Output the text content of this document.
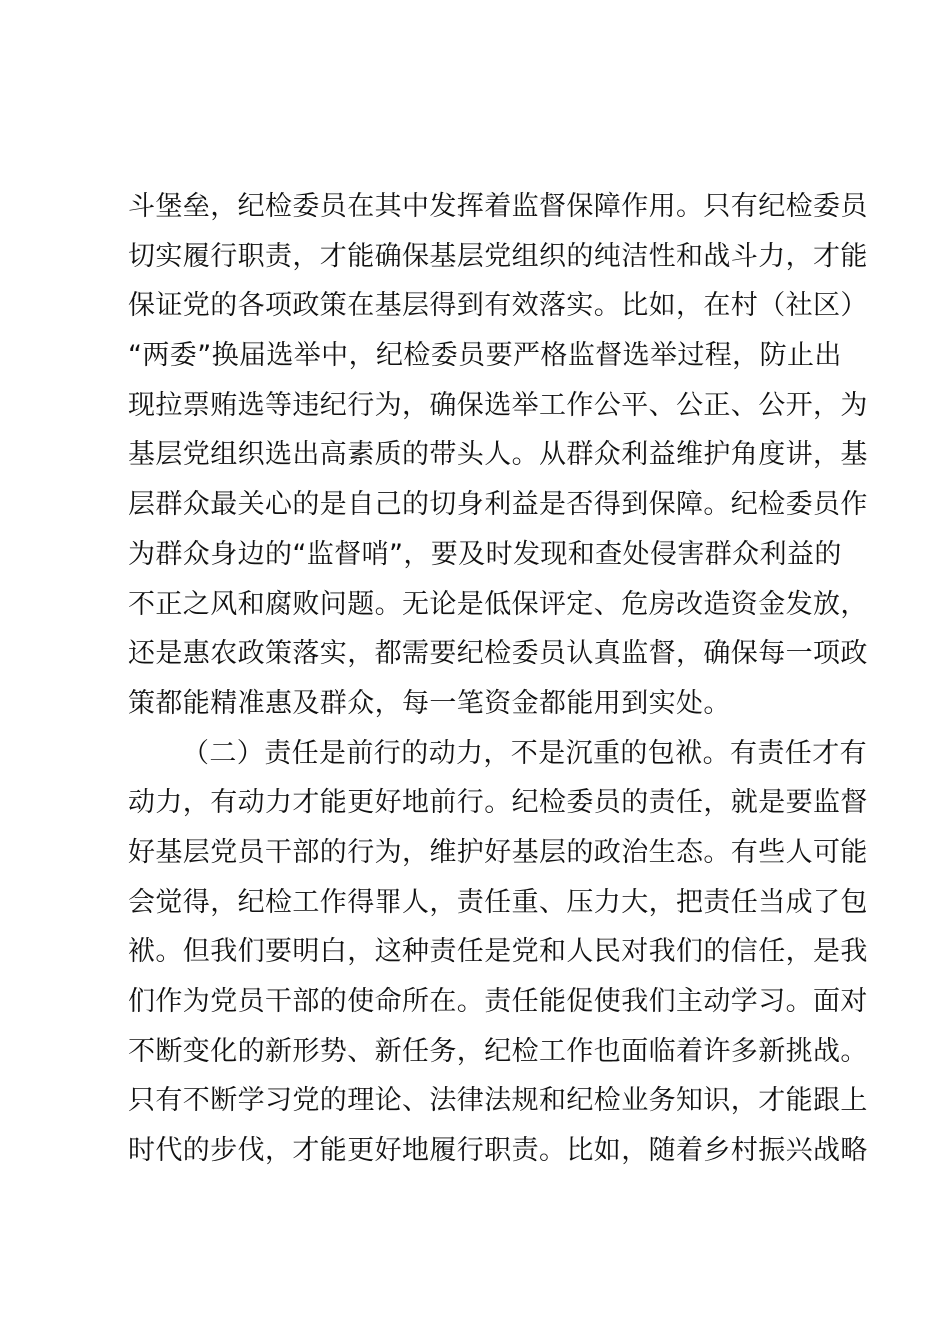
斗堡垒，纪检委员在其中发挥着监督保障作用。只有纪检委员
切实履行职责，才能确保基层党组织的纯洁性和战斗力，才能
保证党的各项政策在基层得到有效落实。比如，在村（社区）
“两委”换届选举中，纪检委员要严格监督选举过程，防止出
现拉票贿选等违纪行为，确保选举工作公平、公正、公开，为
基层党组织选出高素质的带头人。从群众利益维护角度讲，基
层群众最关心的是自己的切身利益是否得到保障。纪检委员作
为群众身边的“监督哨”，要及时发现和查处侵害群众利益的
不正之风和腐败问题。无论是低保评定、危房改造资金发放，
还是惠农政策落实，都需要纪检委员认真监督，确保每一项政
策都能精准惠及群众，每一笔资金都能用到实处。
（二）责任是前行的动力，不是沉重的包袱。有责任才有
动力，有动力才能更好地前行。纪检委员的责任，就是要监督
好基层党员干部的行为，维护好基层的政治生态。有些人可能
会觉得，纪检工作得罪人，责任重、压力大，把责任当成了包
袱。但我们要明白，这种责任是党和人民对我们的信任，是我
们作为党员干部的使命所在。责任能促使我们主动学习。面对
不断变化的新形势、新任务，纪检工作也面临着许多新挑战。
只有不断学习党的理论、法律法规和纪检业务知识，才能跟上
时代的步伐，才能更好地履行职责。比如，随着乡村振兴战略
